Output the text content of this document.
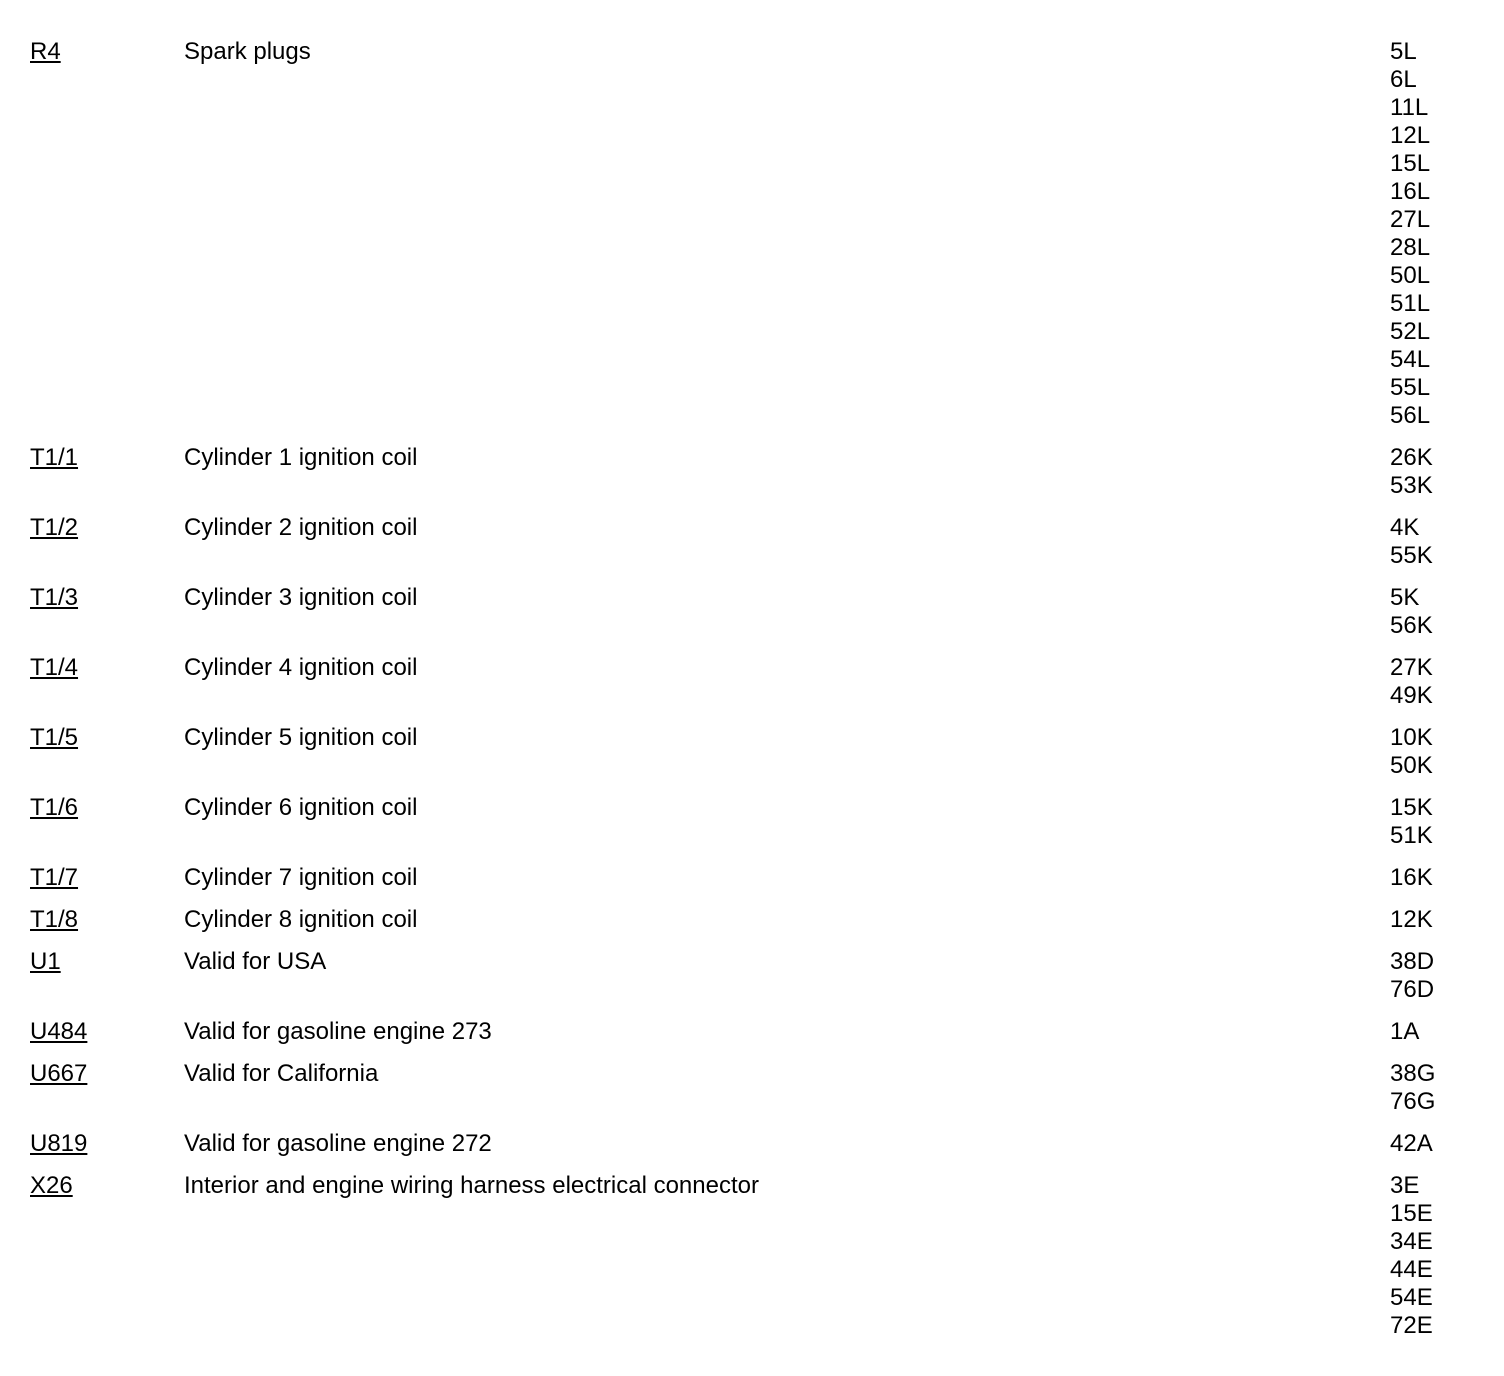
R4	Spark plugs	5L
6L
11L
12L
15L
16L
27L
28L
50L
51L
52L
54L
55L
56L
T1/1	Cylinder 1 ignition coil	26K
53K
T1/2	Cylinder 2 ignition coil	4K
55K
T1/3	Cylinder 3 ignition coil	5K
56K
T1/4	Cylinder 4 ignition coil	27K
49K
T1/5	Cylinder 5 ignition coil	10K
50K
T1/6	Cylinder 6 ignition coil	15K
51K
T1/7	Cylinder 7 ignition coil	16K
T1/8	Cylinder 8 ignition coil	12K
U1	Valid for USA	38D
76D
U484	Valid for gasoline engine 273	1A
U667	Valid for California	38G
76G
U819	Valid for gasoline engine 272	42A
X26	Interior and engine wiring harness electrical connector	3E
15E
34E
44E
54E
72E
